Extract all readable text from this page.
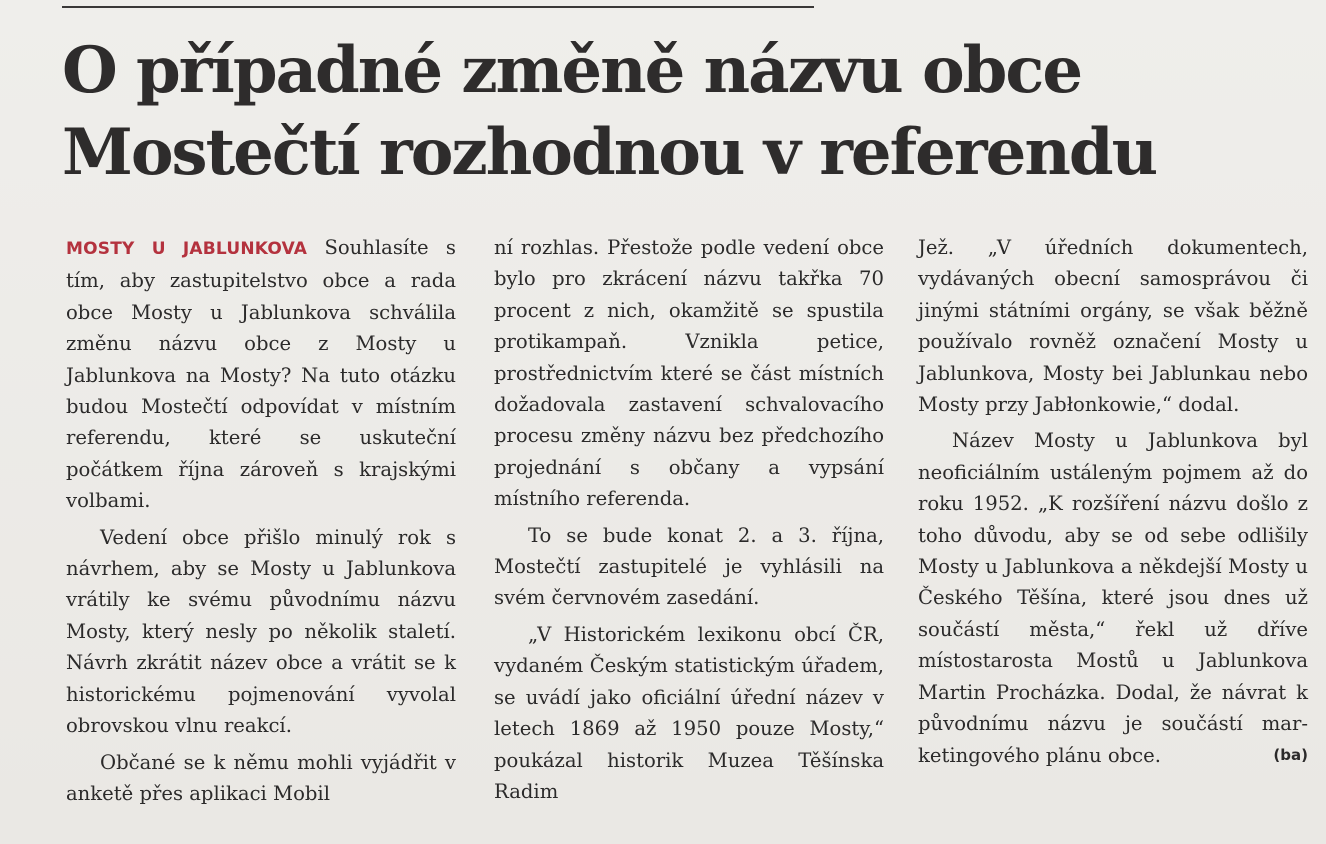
O případné změně názvu obce
Mostečtí rozhodnou v referendu

MOSTY U JABLUNKOVA Souhlasíte s tím, aby zastupitelstvo obce a rada obce Mosty u Jablunkova schválila změnu názvu obce z Mosty u Jablunkova na Mosty? Na tuto otázku budou Mostečtí odpovídat v místním referendu, které se uskuteční počátkem října zároveň s krajskými volbami.

Vedení obce přišlo minulý rok s návrhem, aby se Mosty u Jablunkova vrátily ke svému původnímu názvu Mosty, který nesly po několik staletí. Návrh zkrátit název obce a vrátit se k historickému pojmenování vyvolal obrovskou vlnu reakcí.

Občané se k němu mohli vyjádřit v anketě přes aplikaci Mobil

ní rozhlas. Přestože podle vedení obce bylo pro zkrácení názvu takřka 70 procent z nich, okamžitě se spustila protikampaň. Vznikla petice, prostřednictvím které se část místních dožadovala zastavení schvalovacího procesu změny názvu bez předchozího projednání s občany a vypsání místního referenda.

To se bude konat 2. a 3. října, Mostečtí zastupitelé je vyhlásili na svém červnovém zasedání.

„V Historickém lexikonu obcí ČR, vydaném Českým statistickým úřadem, se uvádí jako oficiální úřední název v letech 1869 až 1950 pouze Mosty,“ poukázal historik Muzea Těšínska Radim

Jež. „V úředních dokumentech, vydávaných obecní samosprávou či jinými státními orgány, se však běžně používalo rovněž označení Mosty u Jablunkova, Mosty bei Jablunkau nebo Mosty przy Jabłonkowie,“ dodal.

Název Mosty u Jablunkova byl neoficiálním ustáleným pojmem až do roku 1952. „K rozšíření názvu došlo z toho důvodu, aby se od sebe odlišily Mosty u Jablunkova a někdejší Mosty u Českého Těšína, které jsou dnes už součástí města,“ řekl už dříve místostarosta Mostů u Jablunkova Martin Procházka. Dodal, že návrat k původnímu názvu je součástí marketingového plánu obce.	(ba)
